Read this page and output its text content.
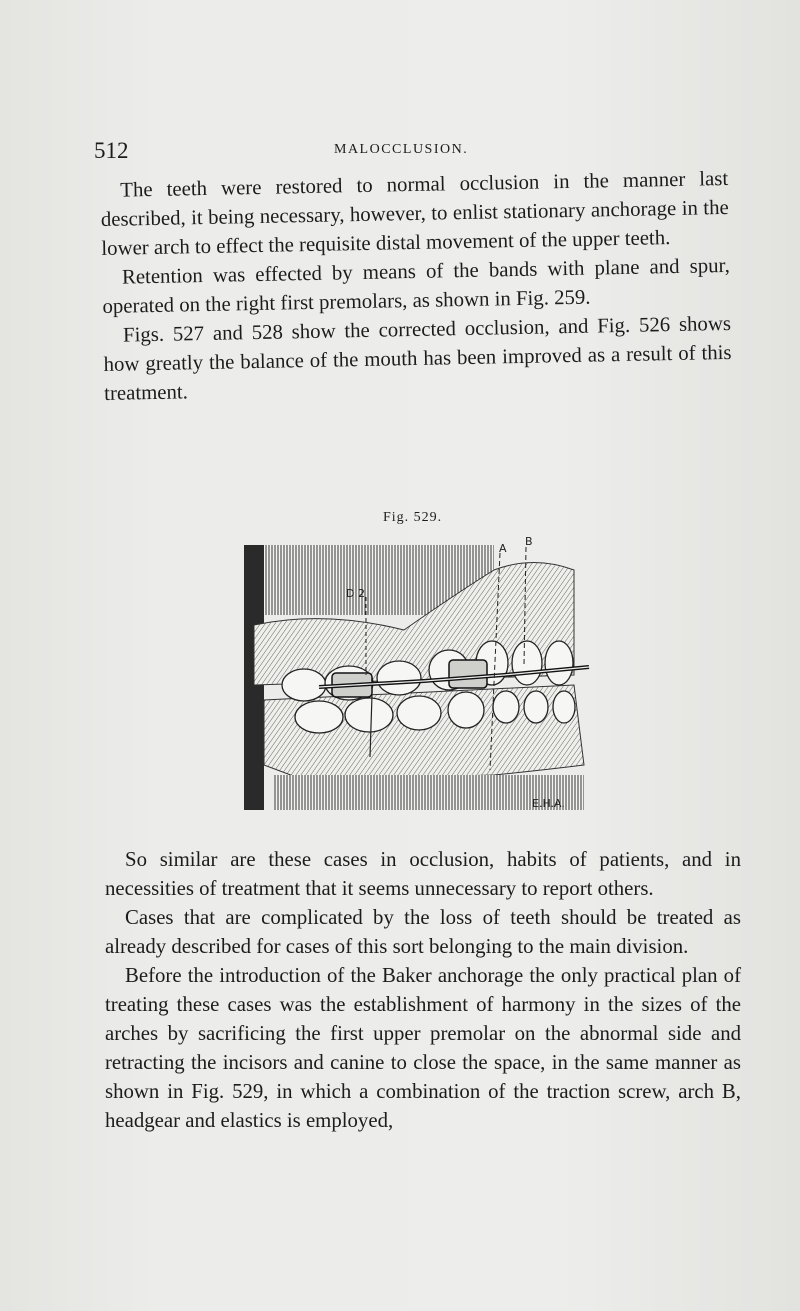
512	MALOCCLUSION.

The teeth were restored to normal occlusion in the manner last described, it being necessary, however, to enlist stationary anchorage in the lower arch to effect the requisite distal movement of the upper teeth.

Retention was effected by means of the bands with plane and spur, operated on the right first premolars, as shown in Fig. 259.

Figs. 527 and 528 show the corrected occlusion, and Fig. 526 shows how greatly the balance of the mouth has been improved as a result of this treatment.

Fig. 529.
A
B
D 2
E.H.A.

So similar are these cases in occlusion, habits of patients, and in necessities of treatment that it seems unnecessary to report others.

Cases that are complicated by the loss of teeth should be treated as already described for cases of this sort belonging to the main division.

Before the introduction of the Baker anchorage the only practical plan of treating these cases was the establishment of harmony in the sizes of the arches by sacrificing the first upper premolar on the abnormal side and retracting the incisors and canine to close the space, in the same manner as shown in Fig. 529, in which a combination of the traction screw, arch B, headgear and elastics is employed,
